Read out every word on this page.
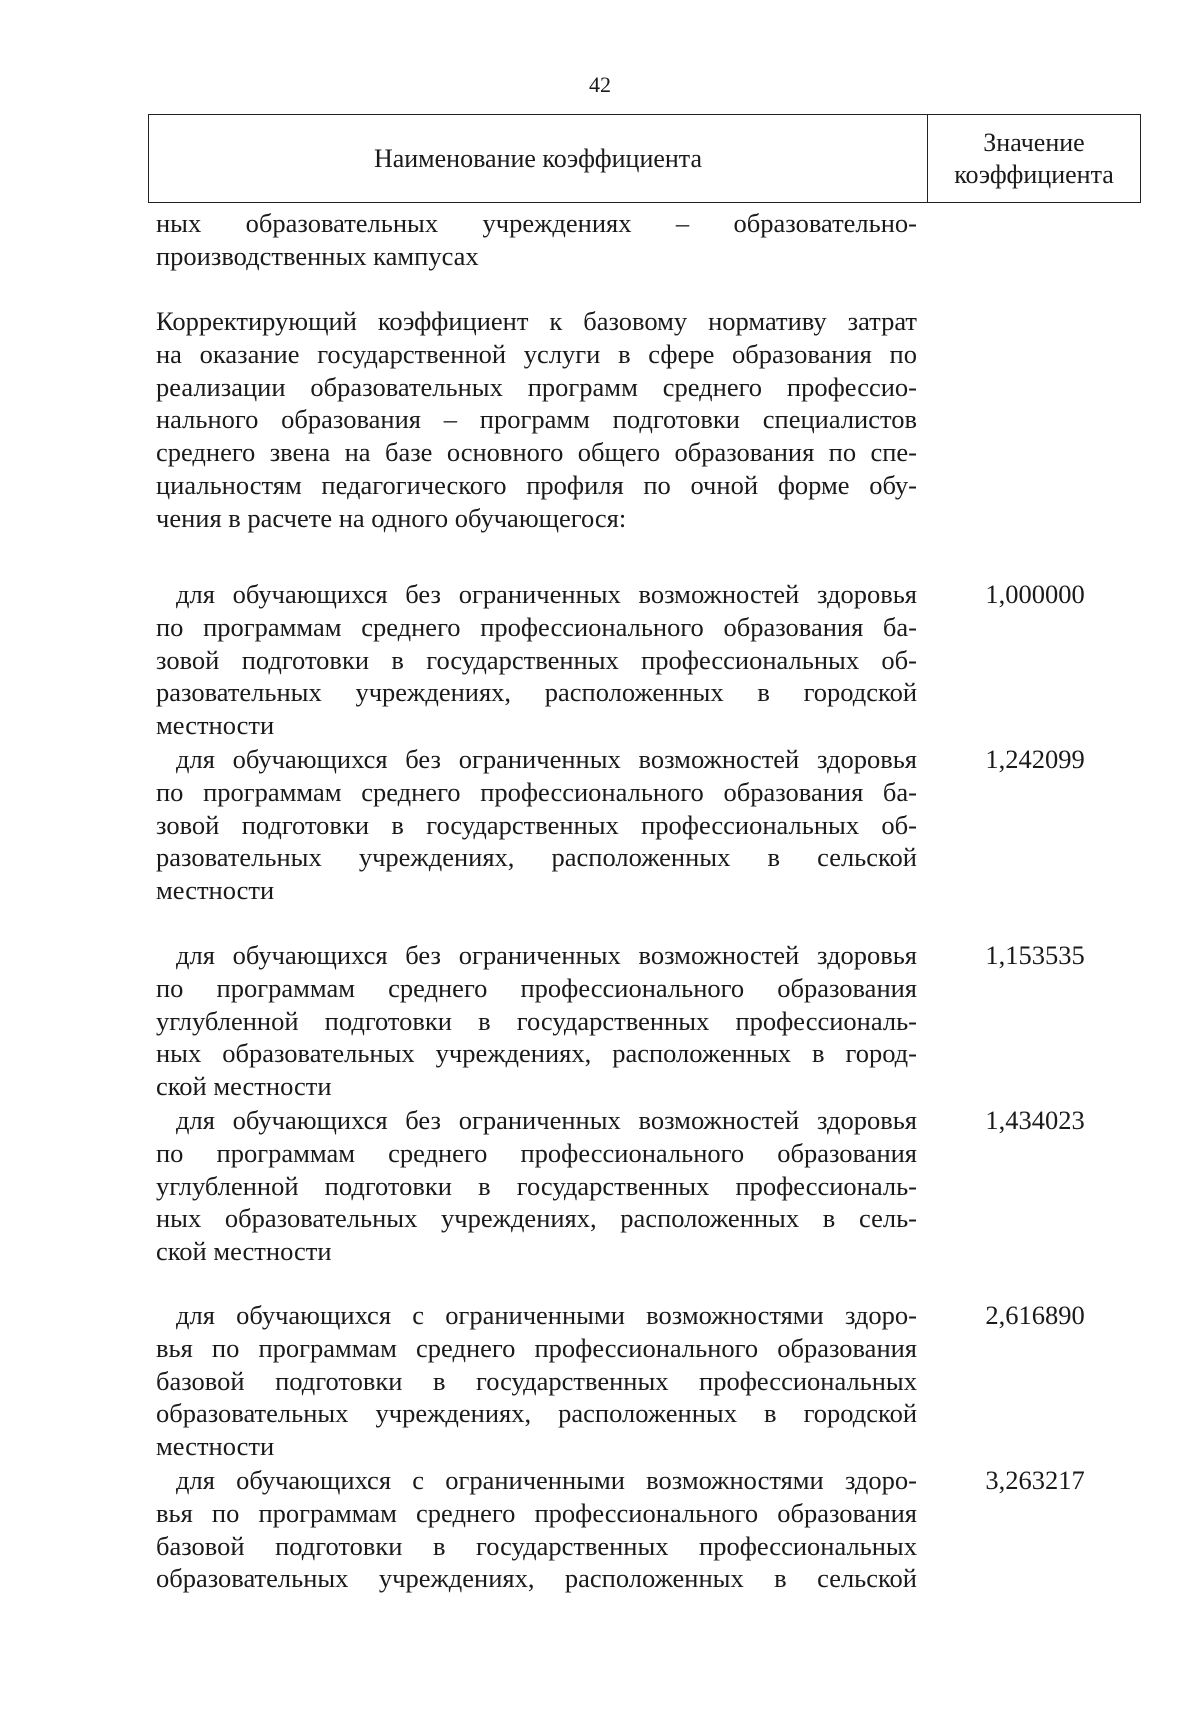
42
Наименование коэффициента
Значение
коэффициента
ных образовательных учреждениях – образовательно-
производственных кампусах
Корректирующий коэффициент к базовому нормативу затрат
на оказание государственной услуги в сфере образования по
реализации образовательных программ среднего профессио-
нального образования – программ подготовки специалистов
среднего звена на базе основного общего образования по спе-
циальностям педагогического профиля по очной форме обу-
чения в расчете на одного обучающегося:
для обучающихся без ограниченных возможностей здоровья
по программам среднего профессионального образования ба-
зовой подготовки в государственных профессиональных об-
разовательных учреждениях, расположенных в городской
местности
1,000000
для обучающихся без ограниченных возможностей здоровья
по программам среднего профессионального образования ба-
зовой подготовки в государственных профессиональных об-
разовательных учреждениях, расположенных в сельской
местности
1,242099
для обучающихся без ограниченных возможностей здоровья
по программам среднего профессионального образования
углубленной подготовки в государственных профессиональ-
ных образовательных учреждениях, расположенных в город-
ской местности
1,153535
для обучающихся без ограниченных возможностей здоровья
по программам среднего профессионального образования
углубленной подготовки в государственных профессиональ-
ных образовательных учреждениях, расположенных в сель-
ской местности
1,434023
для обучающихся с ограниченными возможностями здоро-
вья по программам среднего профессионального образования
базовой подготовки в государственных профессиональных
образовательных учреждениях, расположенных в городской
местности
2,616890
для обучающихся с ограниченными возможностями здоро-
вья по программам среднего профессионального образования
базовой подготовки в государственных профессиональных
образовательных учреждениях, расположенных в сельской
3,263217
